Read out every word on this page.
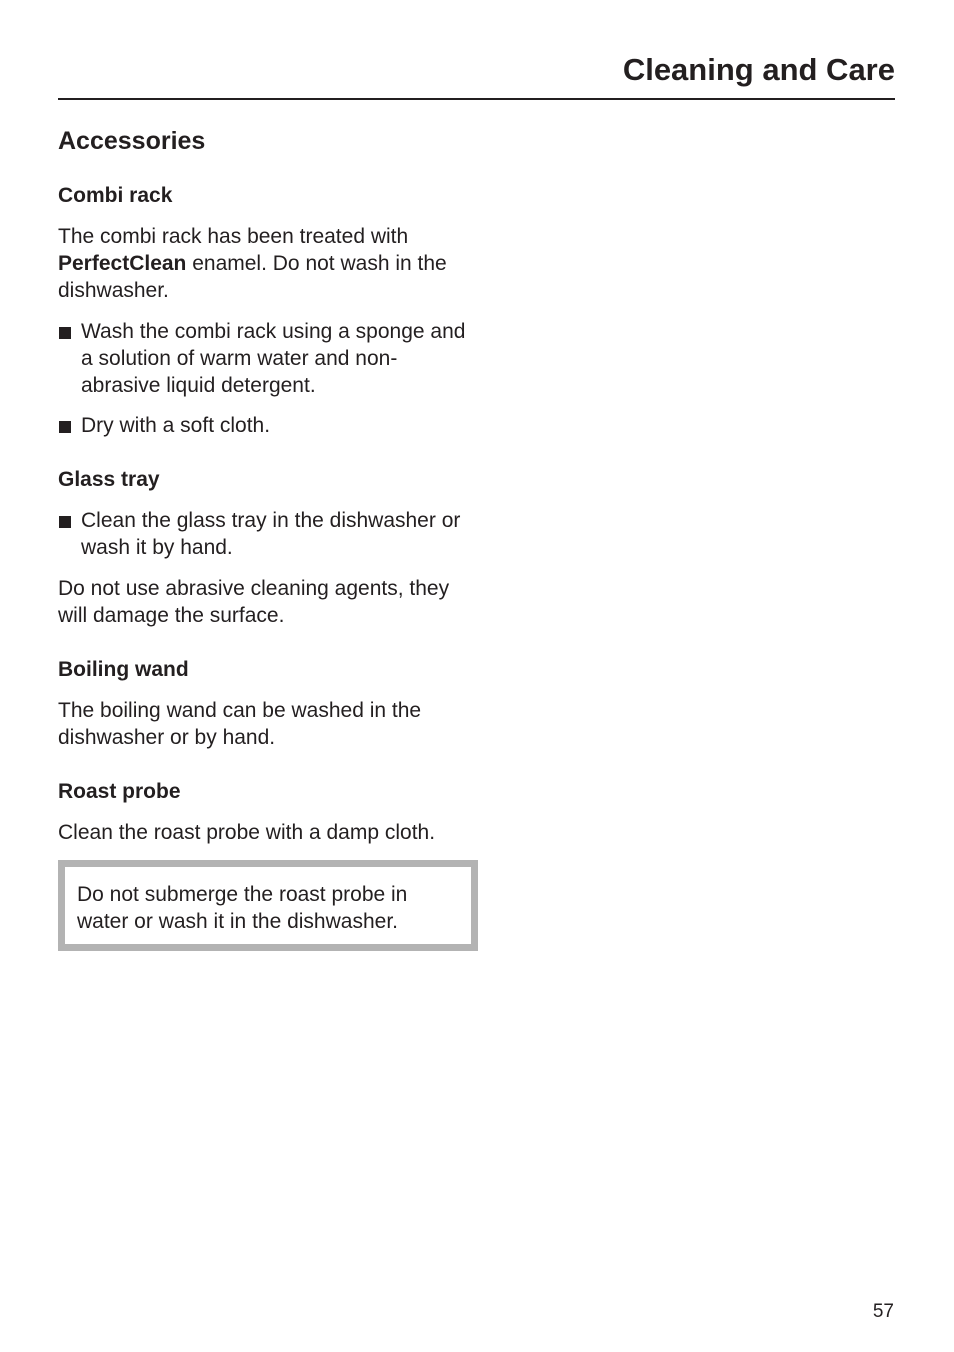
Cleaning and Care
Accessories
Combi rack

The combi rack has been treated with PerfectClean enamel. Do not wash in the dishwasher.

Wash the combi rack using a sponge and a solution of warm water and non- abrasive liquid detergent.
Dry with a soft cloth.
Glass tray
Clean the glass tray in the dishwasher or wash it by hand.

Do not use abrasive cleaning agents, they will damage the surface.

Boiling wand

The boiling wand can be washed in the dishwasher or by hand.

Roast probe

Clean the roast probe with a damp cloth.

Do not submerge the roast probe in water or wash it in the dishwasher.
57
